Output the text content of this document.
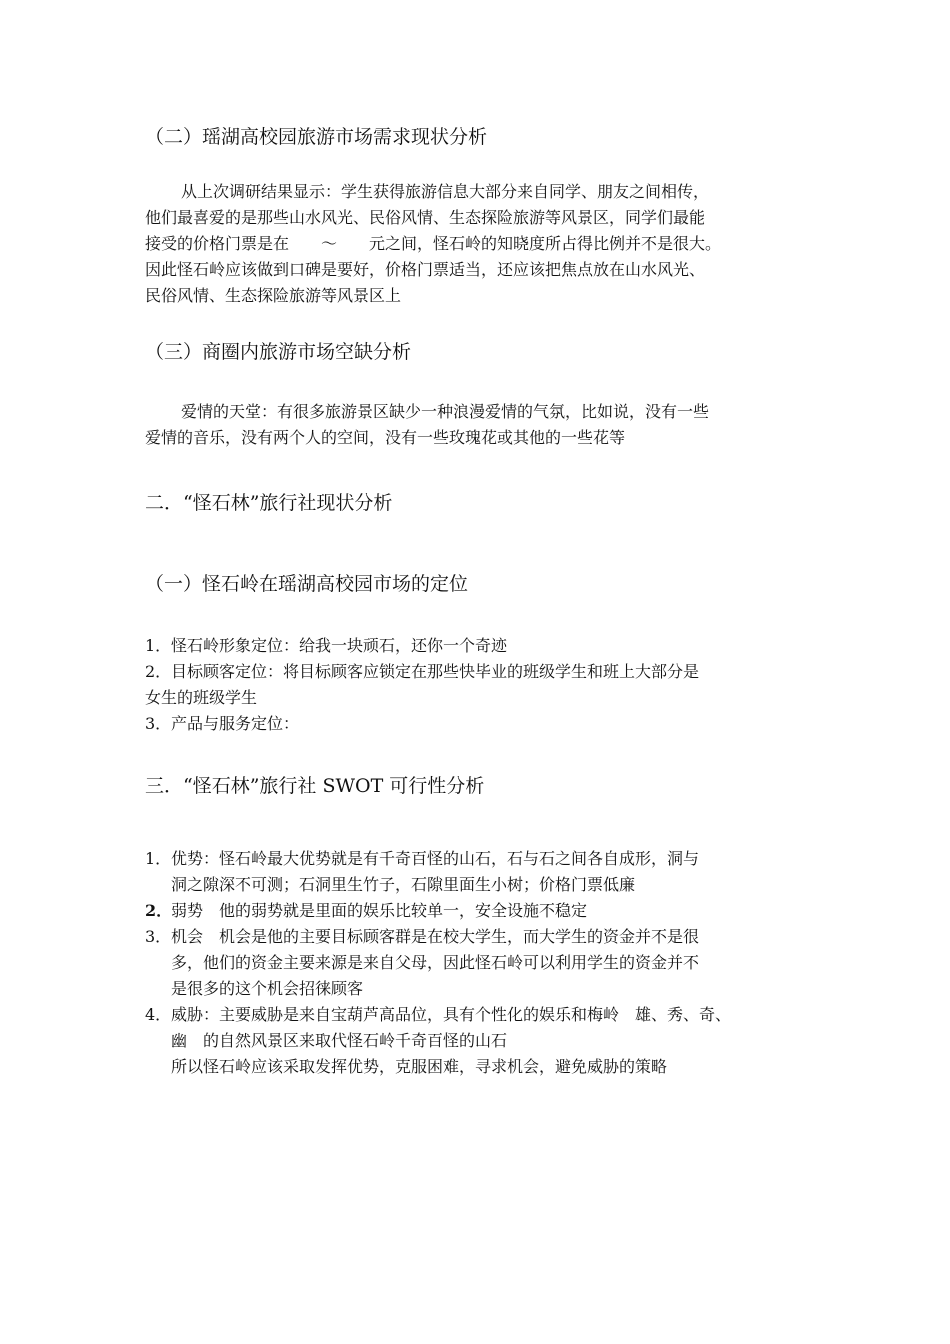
（二）瑶湖高校园旅游市场需求现状分析
从上次调研结果显示：学生获得旅游信息大部分来自同学、朋友之间相传，
他们最喜爱的是那些山水风光、民俗风情、生态探险旅游等风景区，同学们最能
接受的价格门票是在　　～　　元之间，怪石岭的知晓度所占得比例并不是很大。
因此怪石岭应该做到口碑是要好，价格门票适当，还应该把焦点放在山水风光、
民俗风情、生态探险旅游等风景区上
（三）商圈内旅游市场空缺分析
爱情的天堂：有很多旅游景区缺少一种浪漫爱情的气氛，比如说，没有一些
爱情的音乐，没有两个人的空间，没有一些玫瑰花或其他的一些花等
二．“怪石林”旅行社现状分析
（一）怪石岭在瑶湖高校园市场的定位
1．怪石岭形象定位：给我一块顽石，还你一个奇迹
2．目标顾客定位：将目标顾客应锁定在那些快毕业的班级学生和班上大部分是
女生的班级学生
3．产品与服务定位：
三．“怪石林”旅行社 SWOT 可行性分析
1．优势：怪石岭最大优势就是有千奇百怪的山石，石与石之间各自成形，洞与
洞之隙深不可测；石洞里生竹子，石隙里面生小树；价格门票低廉
2．弱势　他的弱势就是里面的娱乐比较单一，安全设施不稳定
3．机会　机会是他的主要目标顾客群是在校大学生，而大学生的资金并不是很
多，他们的资金主要来源是来自父母，因此怪石岭可以利用学生的资金并不
是很多的这个机会招徕顾客
4．威胁：主要威胁是来自宝葫芦高品位，具有个性化的娱乐和梅岭　雄、秀、奇、
幽　的自然风景区来取代怪石岭千奇百怪的山石
所以怪石岭应该采取发挥优势，克服困难，寻求机会，避免威胁的策略
